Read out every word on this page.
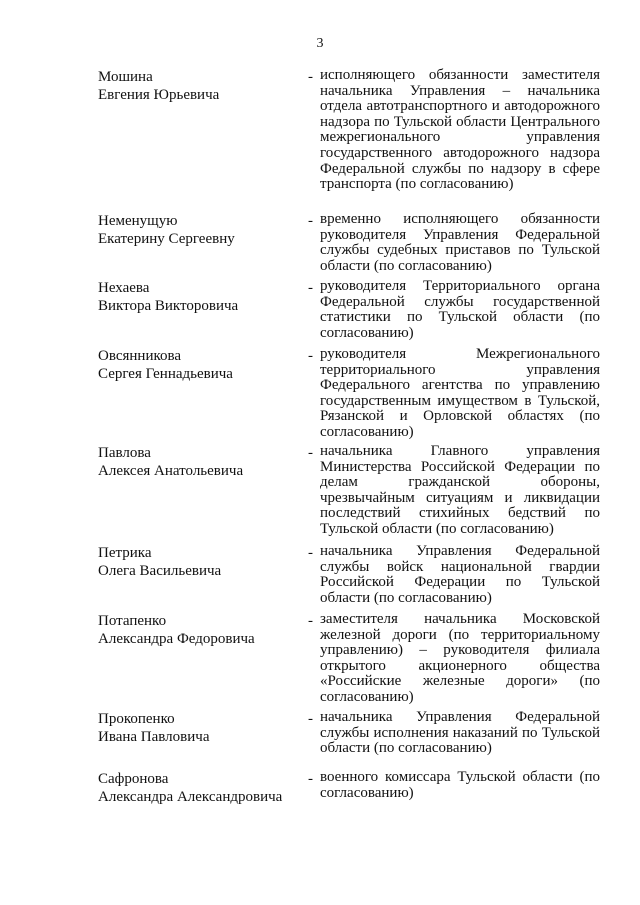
3
Мошина
Евгения Юрьевича
- исполняющего обязанности заместителя начальника Управления – начальника отдела автотранспортного и автодорожного надзора по Тульской области Центрального межрегионального управления государственного автодорожного надзора Федеральной службы по надзору в сфере транспорта (по согласованию)
Неменущую
Екатерину Сергеевну
- временно исполняющего обязанности руководителя Управления Федеральной службы судебных приставов по Тульской области (по согласованию)
Нехаева
Виктора Викторовича
- руководителя Территориального органа Федеральной службы государственной статистики по Тульской области (по согласованию)
Овсянникова
Сергея Геннадьевича
- руководителя Межрегионального территориального управления Федерального агентства по управлению государственным имуществом в Тульской, Рязанской и Орловской областях (по согласованию)
Павлова
Алексея Анатольевича
- начальника Главного управления Министерства Российской Федерации по делам гражданской обороны, чрезвычайным ситуациям и ликвидации последствий стихийных бедствий по Тульской области (по согласованию)
Петрика
Олега Васильевича
- начальника Управления Федеральной службы войск национальной гвардии Российской Федерации по Тульской области (по согласованию)
Потапенко
Александра Федоровича
- заместителя начальника Московской железной дороги (по территориальному управлению) – руководителя филиала открытого акционерного общества «Российские железные дороги» (по согласованию)
Прокопенко
Ивана Павловича
- начальника Управления Федеральной службы исполнения наказаний по Тульской области (по согласованию)
Сафронова
Александра Александровича
- военного комиссара Тульской области (по согласованию)
